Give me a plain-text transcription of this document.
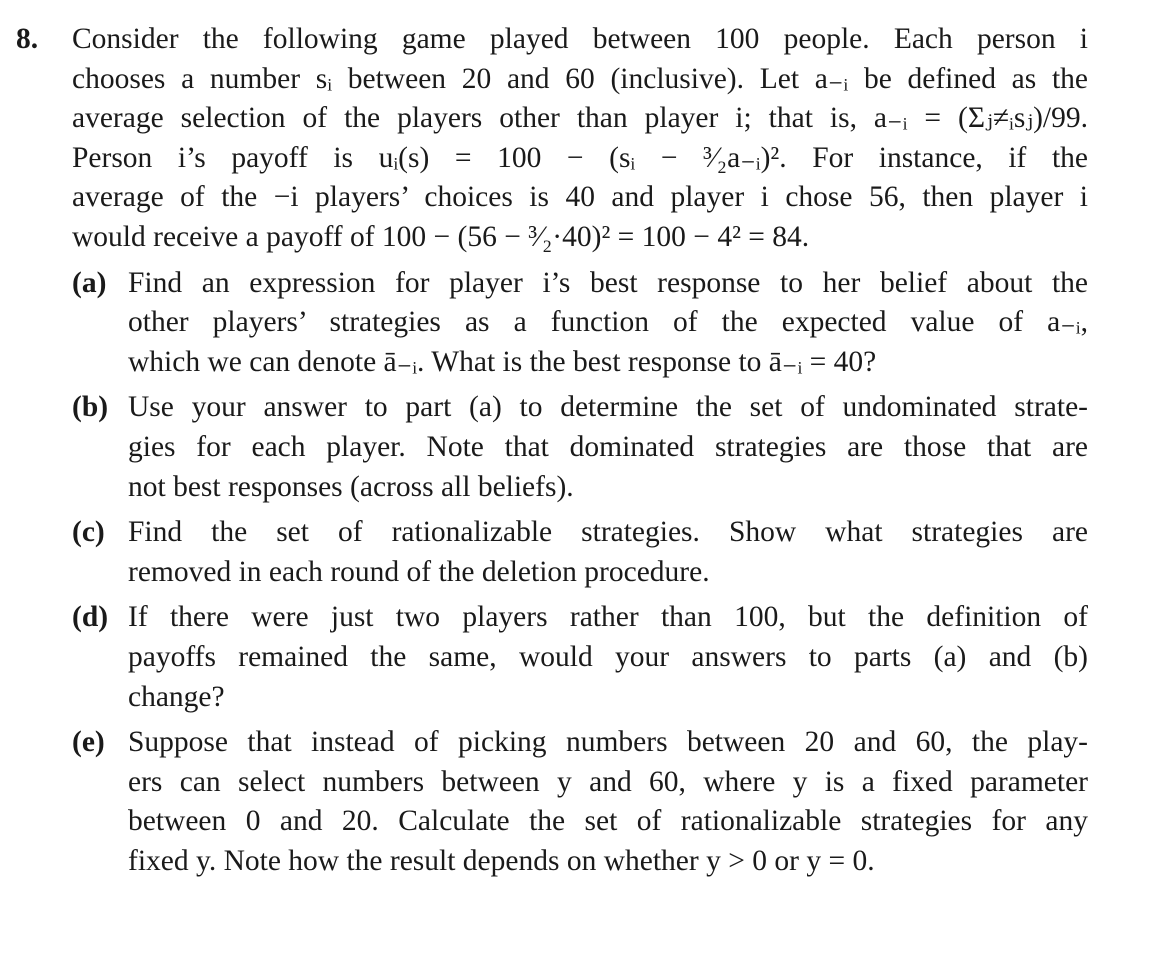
8. Consider the following game played between 100 people. Each person i
chooses a number sᵢ between 20 and 60 (inclusive). Let a₋ᵢ be defined as the
average selection of the players other than player i; that is, a₋ᵢ = (Σⱼ≠ᵢsⱼ)/99.
Person i’s payoff is uᵢ(s) = 100 − (sᵢ − ³⁄₂a₋ᵢ)². For instance, if the
average of the −i players’ choices is 40 and player i chose 56, then player i
would receive a payoff of 100 − (56 − ³⁄₂·40)² = 100 − 4² = 84.
(a) Find an expression for player i’s best response to her belief about the
other players’ strategies as a function of the expected value of a₋ᵢ,
which we can denote ā₋ᵢ. What is the best response to ā₋ᵢ = 40?
(b) Use your answer to part (a) to determine the set of undominated strate-
gies for each player. Note that dominated strategies are those that are
not best responses (across all beliefs).
(c) Find the set of rationalizable strategies. Show what strategies are
removed in each round of the deletion procedure.
(d) If there were just two players rather than 100, but the definition of
payoffs remained the same, would your answers to parts (a) and (b)
change?
(e) Suppose that instead of picking numbers between 20 and 60, the play-
ers can select numbers between y and 60, where y is a fixed parameter
between 0 and 20. Calculate the set of rationalizable strategies for any
fixed y. Note how the result depends on whether y > 0 or y = 0.
